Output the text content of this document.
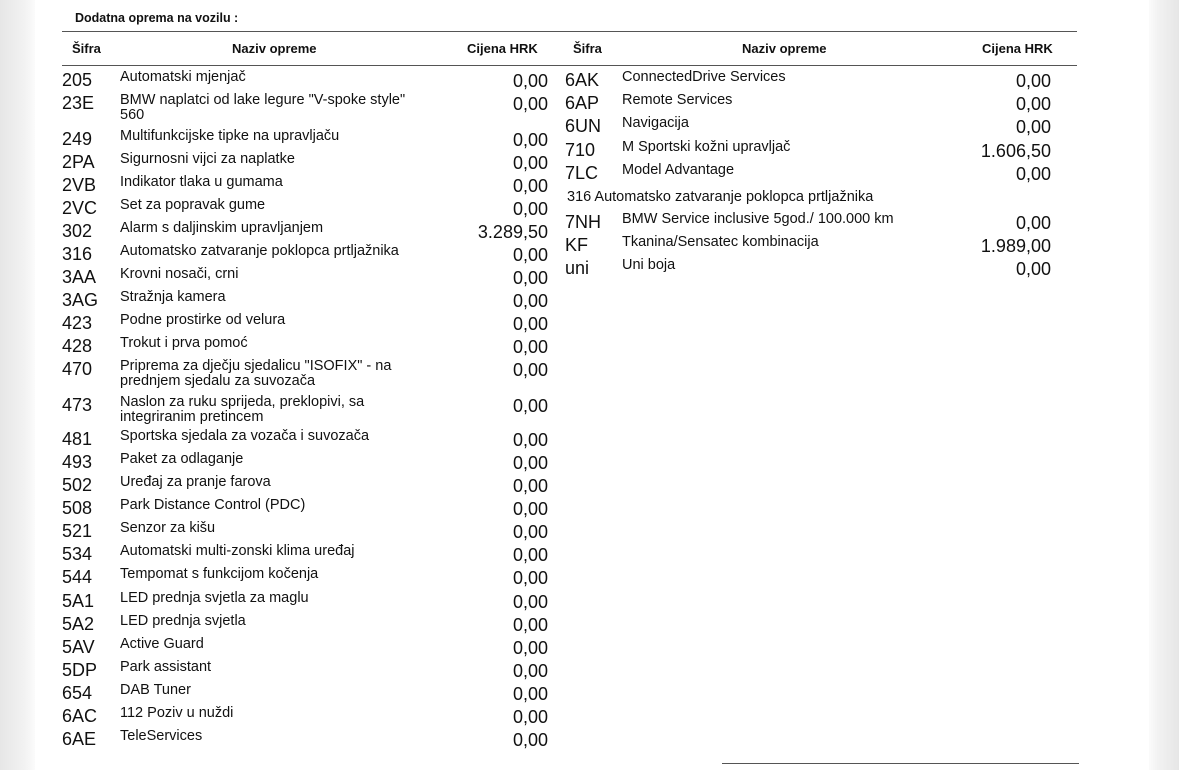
Dodatna oprema na vozilu :
Šifra	Naziv opreme	Cijena HRK	Šifra	Naziv opreme	Cijena HRK
205 Automatski mjenjač	0,00
23E BMW naplatci od lake legure "V-spoke style"
560
0,00
249 Multifunkcijske tipke na upravljaču	0,00
2PA Sigurnosni vijci za naplatke	0,00
2VB Indikator tlaka u gumama	0,00
2VC Set za popravak gume	0,00
302 Alarm s daljinskim upravljanjem	3.289,50
316 Automatsko zatvaranje poklopca prtljažnika	0,00
3AA Krovni nosači, crni	0,00
3AG Stražnja kamera	0,00
423 Podne prostirke od velura	0,00
428 Trokut i prva pomoć	0,00
470 Priprema za dječju sjedalicu "ISOFIX" - na
prednjem sjedalu za suvozača
0,00
473 Naslon za ruku sprijeda, preklopivi, sa
integriranim pretincem
0,00
481 Sportska sjedala za vozača i suvozača	0,00
493 Paket za odlaganje	0,00
502 Uređaj za pranje farova	0,00
508 Park Distance Control (PDC)	0,00
521 Senzor za kišu	0,00
534 Automatski multi-zonski klima uređaj	0,00
544 Tempomat s funkcijom kočenja	0,00
5A1 LED prednja svjetla za maglu	0,00
5A2 LED prednja svjetla	0,00
5AV Active Guard	0,00
5DP Park assistant	0,00
654 DAB Tuner	0,00
6AC 112 Poziv u nuždi	0,00
6AE TeleServices	0,00
6AK ConnectedDrive Services	0,00
6AP Remote Services	0,00
6UN Navigacija	0,00
710 M Sportski kožni upravljač	1.606,50
7LC Model Advantage	0,00
316 Automatsko zatvaranje poklopca prtljažnika
7NH BMW Service inclusive 5god./ 100.000 km	0,00
KF Tkanina/Sensatec kombinacija	1.989,00
uni Uni boja	0,00
